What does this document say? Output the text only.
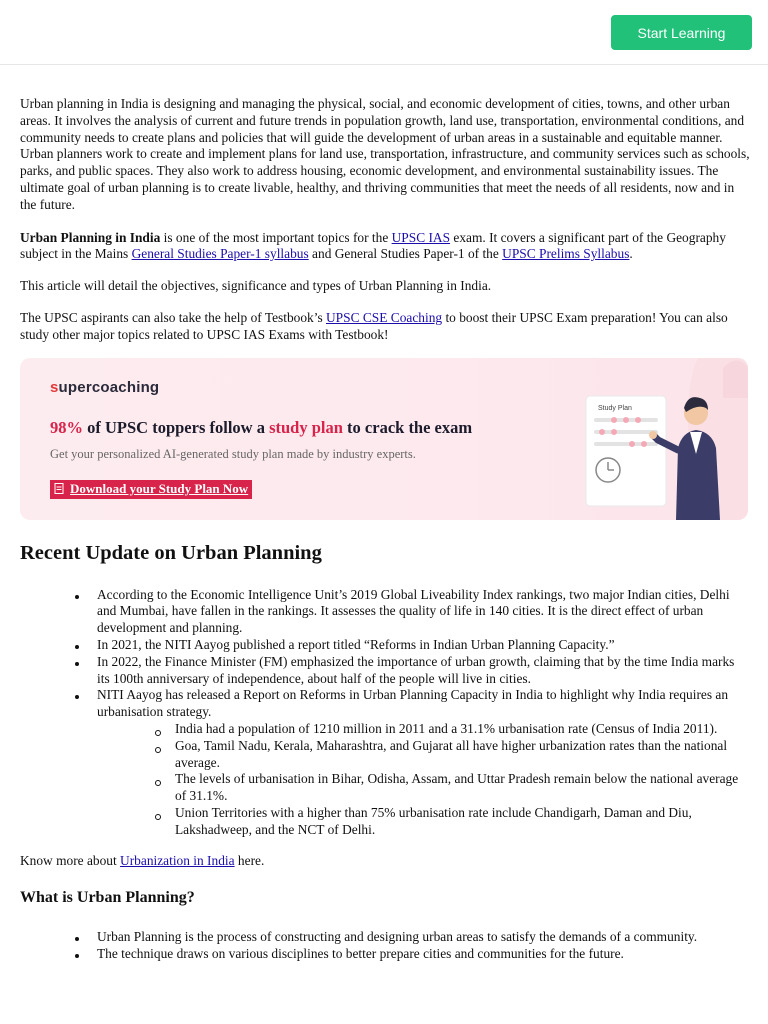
Start Learning

Urban planning in India is designing and managing the physical, social, and economic development of cities, towns, and other urban areas. It involves the analysis of current and future trends in population growth, land use, transportation, environmental conditions, and community needs to create plans and policies that will guide the development of urban areas in a sustainable and equitable manner. Urban planners work to create and implement plans for land use, transportation, infrastructure, and community services such as schools, parks, and public spaces. They also work to address housing, economic development, and environmental sustainability issues. The ultimate goal of urban planning is to create livable, healthy, and thriving communities that meet the needs of all residents, now and in the future.

Urban Planning in India is one of the most important topics for the UPSC IAS exam. It covers a significant part of the Geography subject in the Mains General Studies Paper-1 syllabus and General Studies Paper-1 of the UPSC Prelims Syllabus.

This article will detail the objectives, significance and types of Urban Planning in India.

The UPSC aspirants can also take the help of Testbook’s UPSC CSE Coaching to boost their UPSC Exam preparation! You can also study other major topics related to UPSC IAS Exams with Testbook!

supercoaching
98% of UPSC toppers follow a study plan to crack the exam
Get your personalized AI-generated study plan made by industry experts.
Download your Study Plan Now
Study Plan
Recent Update on Urban Planning
According to the Economic Intelligence Unit’s 2019 Global Liveability Index rankings, two major Indian cities, Delhi and Mumbai, have fallen in the rankings. It assesses the quality of life in 140 cities. It is the direct effect of urban development and planning.
In 2021, the NITI Aayog published a report titled “Reforms in Indian Urban Planning Capacity.”
In 2022, the Finance Minister (FM) emphasized the importance of urban growth, claiming that by the time India marks its 100th anniversary of independence, about half of the people will live in cities.
NITI Aayog has released a Report on Reforms in Urban Planning Capacity in India to highlight why India requires an urbanisation strategy.
India had a population of 1210 million in 2011 and a 31.1% urbanisation rate (Census of India 2011).
Goa, Tamil Nadu, Kerala, Maharashtra, and Gujarat all have higher urbanization rates than the national average.
The levels of urbanisation in Bihar, Odisha, Assam, and Uttar Pradesh remain below the national average of 31.1%.
Union Territories with a higher than 75% urbanisation rate include Chandigarh, Daman and Diu, Lakshadweep, and the NCT of Delhi.

Know more about Urbanization in India here.

What is Urban Planning?
Urban Planning is the process of constructing and designing urban areas to satisfy the demands of a community.
The technique draws on various disciplines to better prepare cities and communities for the future.
